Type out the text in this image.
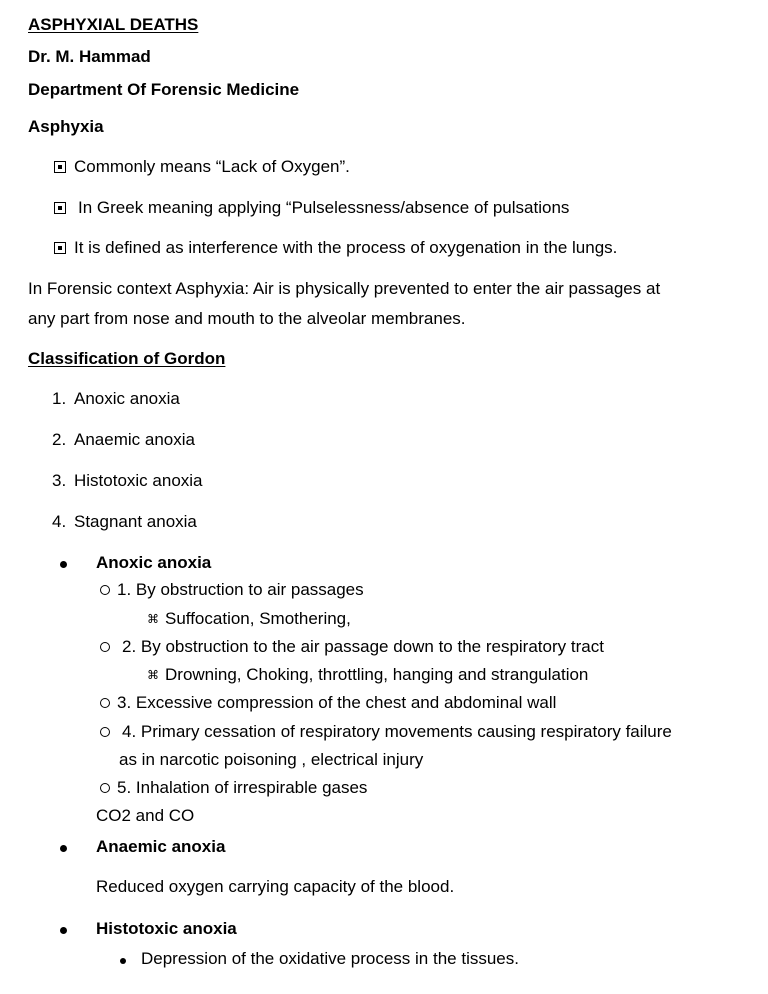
ASPHYXIAL DEATHS
Dr. M. Hammad
Department Of Forensic Medicine
Asphyxia
Commonly means “Lack of Oxygen”.
In Greek meaning applying “Pulselessness/absence of pulsations
It is defined as interference with the process of oxygenation in the lungs.
In Forensic context Asphyxia: Air is physically prevented to enter the air passages at
any part from nose and mouth to the alveolar membranes.
Classification of Gordon
1. Anoxic anoxia
2. Anaemic anoxia
3. Histotoxic anoxia
4. Stagnant anoxia
Anoxic anoxia
1. By obstruction to air passages
⌘ Suffocation, Smothering,
2. By obstruction to the air passage down to the respiratory tract
⌘ Drowning, Choking, throttling, hanging and strangulation
3. Excessive compression of the chest and abdominal wall
4. Primary cessation of respiratory movements causing respiratory failure
as in narcotic poisoning , electrical injury
5. Inhalation of irrespirable gases
CO2 and CO
Anaemic anoxia
Reduced oxygen carrying capacity of the blood.
Histotoxic anoxia
Depression of the oxidative process in the tissues.
